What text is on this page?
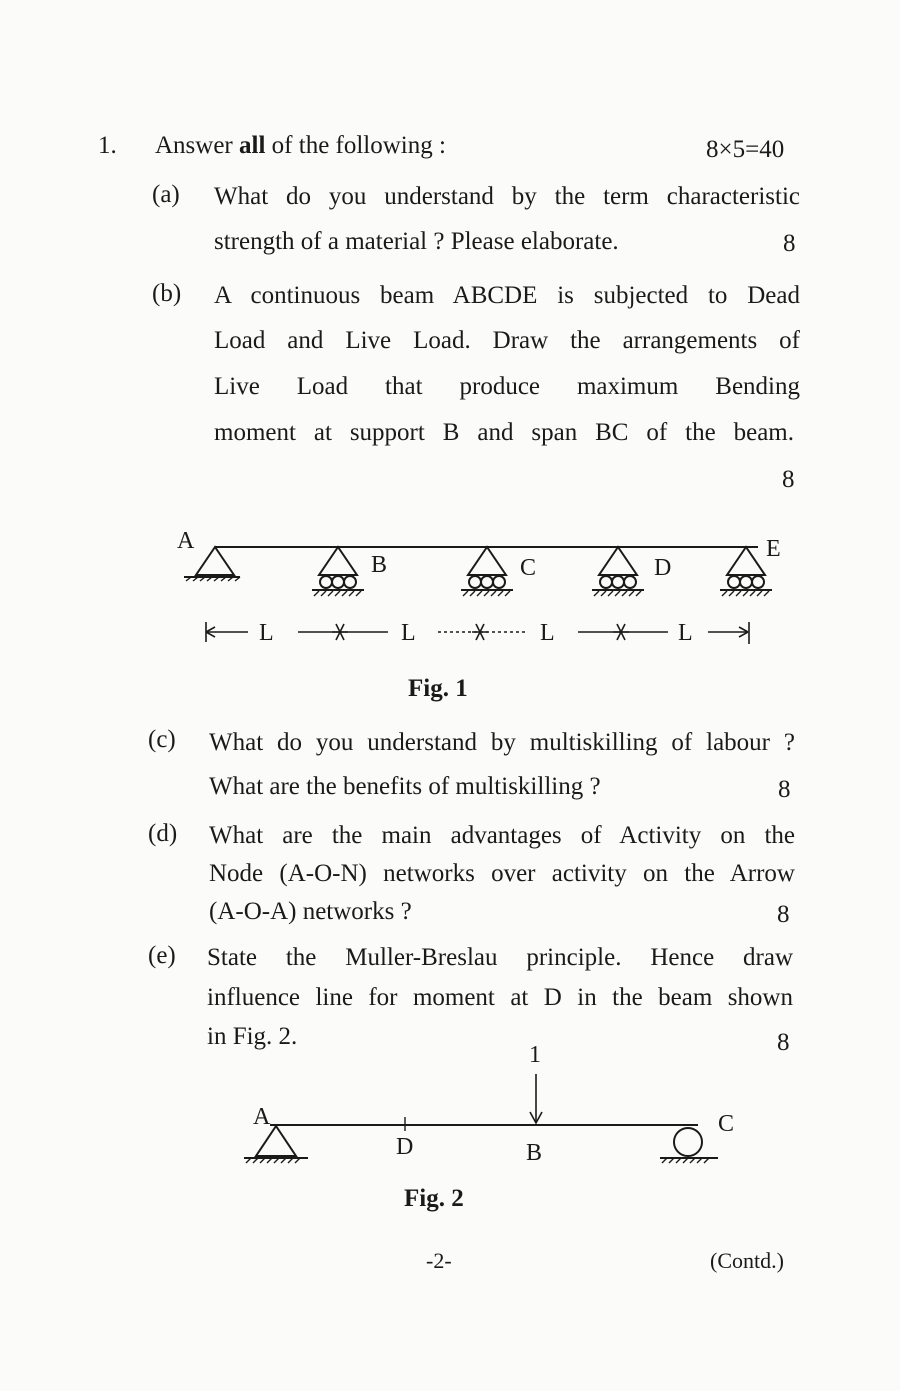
1. Answer all of the following :	8×5=40
(a) What do you understand by the term characteristic
strength of a material ? Please elaborate.	8
(b) A continuous beam ABCDE is subjected to Dead
Load and Live Load. Draw the arrangements of
Live Load that produce maximum Bending
moment at support B and span BC of the beam.
8
A
B	C	D
E
L	L	L	L
Fig. 1
(c) What do you understand by multiskilling of labour ?
What are the benefits of multiskilling ?	8
(d) What are the main advantages of Activity on the
Node (A-O-N) networks over activity on the Arrow
(A-O-A) networks ?	8
(e) State the Muller-Breslau principle. Hence draw
influence line for moment at D in the beam shown
in Fig. 2.	8
1
A
D	B
C
Fig. 2
-2-	(Contd.)
